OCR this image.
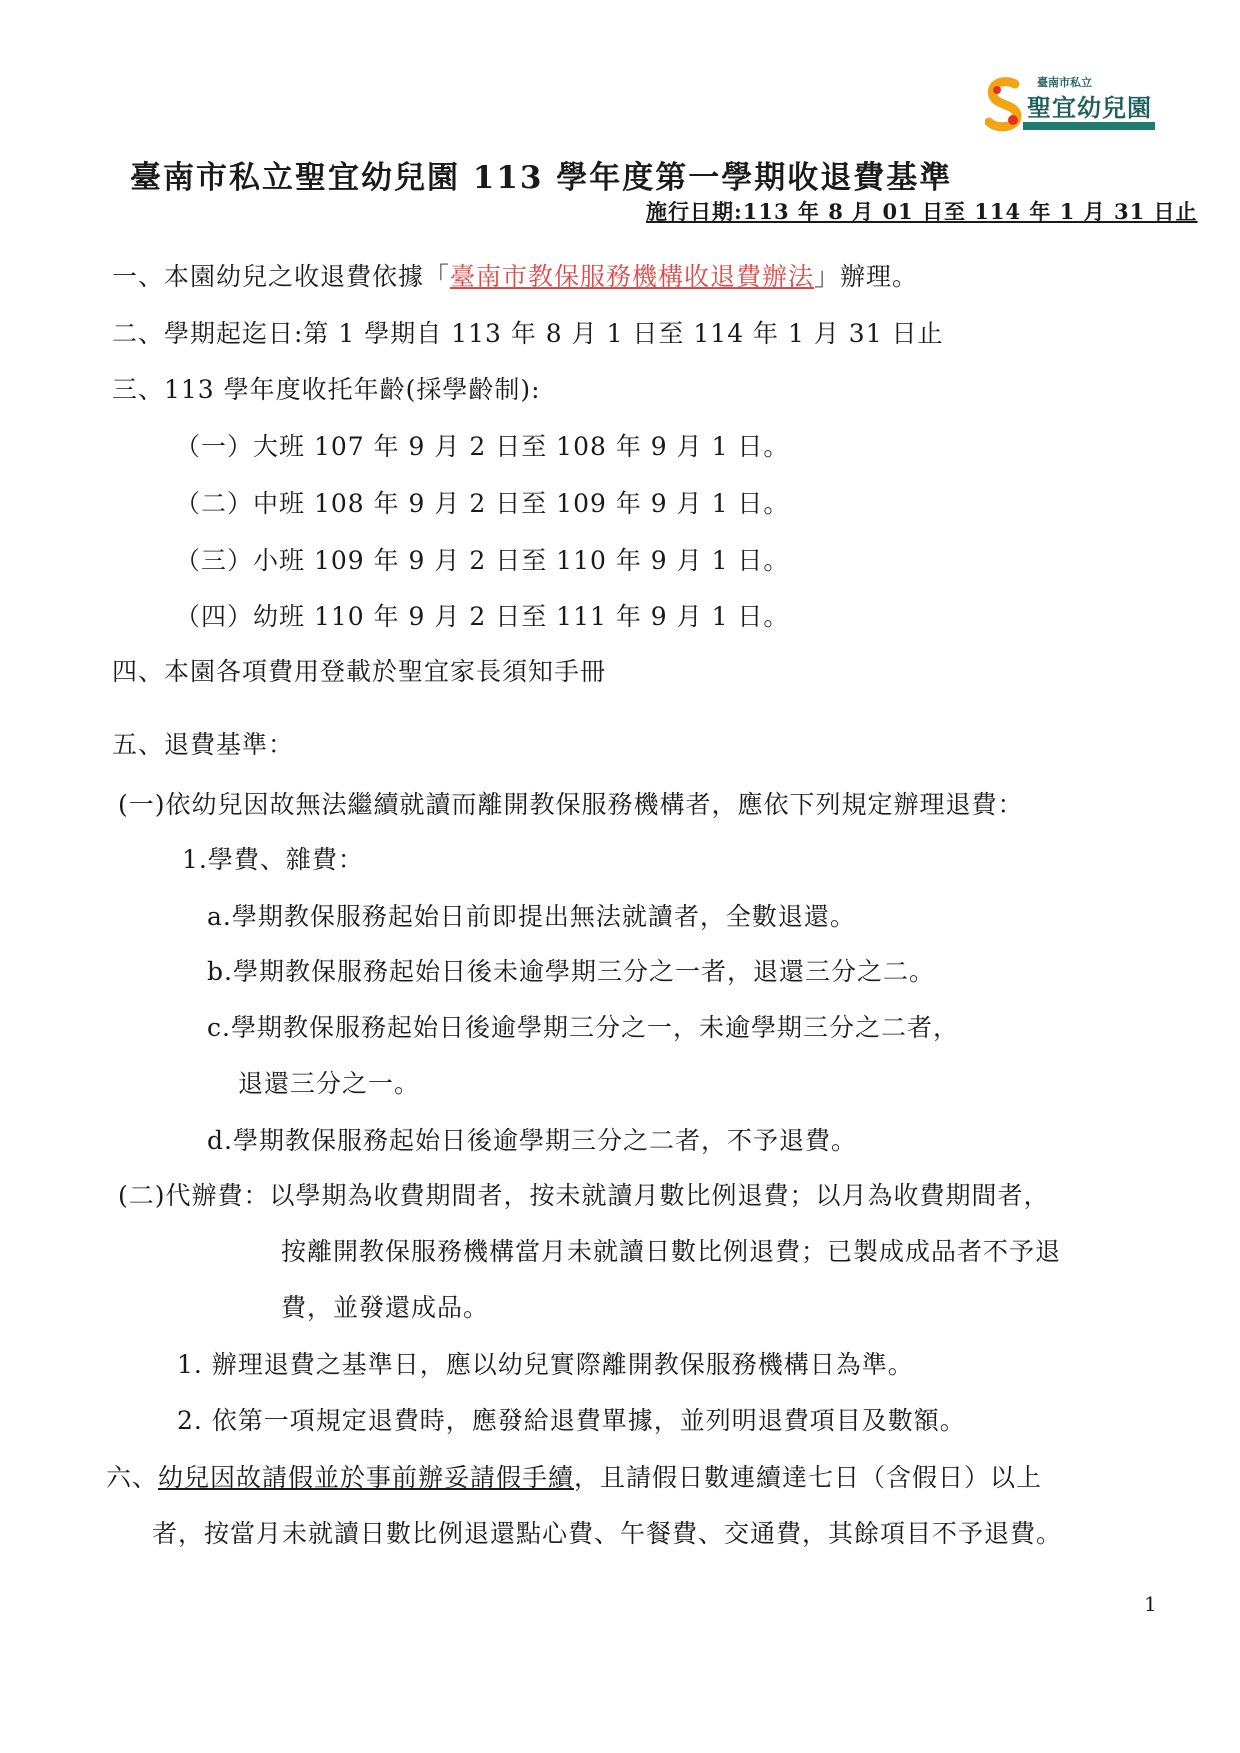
臺南市私立
聖宜幼兒園
臺南市私立聖宜幼兒園 113 學年度第一學期收退費基準
施行日期:113 年 8 月 01 日至 114 年 1 月 31 日止
一、本園幼兒之收退費依據「臺南市教保服務機構收退費辦法」辦理。
二、學期起迄日:第 1 學期自 113 年 8 月 1 日至 114 年 1 月 31 日止
三、113 學年度收托年齡(採學齡制):
（一）大班 107 年 9 月 2 日至 108 年 9 月 1 日。
（二）中班 108 年 9 月 2 日至 109 年 9 月 1 日。
（三）小班 109 年 9 月 2 日至 110 年 9 月 1 日。
（四）幼班 110 年 9 月 2 日至 111 年 9 月 1 日。
四、本園各項費用登載於聖宜家長須知手冊
五、退費基準：
(一)依幼兒因故無法繼續就讀而離開教保服務機構者，應依下列規定辦理退費：
1.學費、雜費：
a.學期教保服務起始日前即提出無法就讀者，全數退還。
b.學期教保服務起始日後未逾學期三分之一者，退還三分之二。
c.學期教保服務起始日後逾學期三分之一，未逾學期三分之二者，
退還三分之一。
d.學期教保服務起始日後逾學期三分之二者，不予退費。
(二)代辦費：以學期為收費期間者，按未就讀月數比例退費；以月為收費期間者，
按離開教保服務機構當月未就讀日數比例退費；已製成成品者不予退
費，並發還成品。
1. 辦理退費之基準日，應以幼兒實際離開教保服務機構日為準。
2. 依第一項規定退費時，應發給退費單據，並列明退費項目及數額。
六、幼兒因故請假並於事前辦妥請假手續，且請假日數連續達七日（含假日）以上
者，按當月未就讀日數比例退還點心費、午餐費、交通費，其餘項目不予退費。
1
